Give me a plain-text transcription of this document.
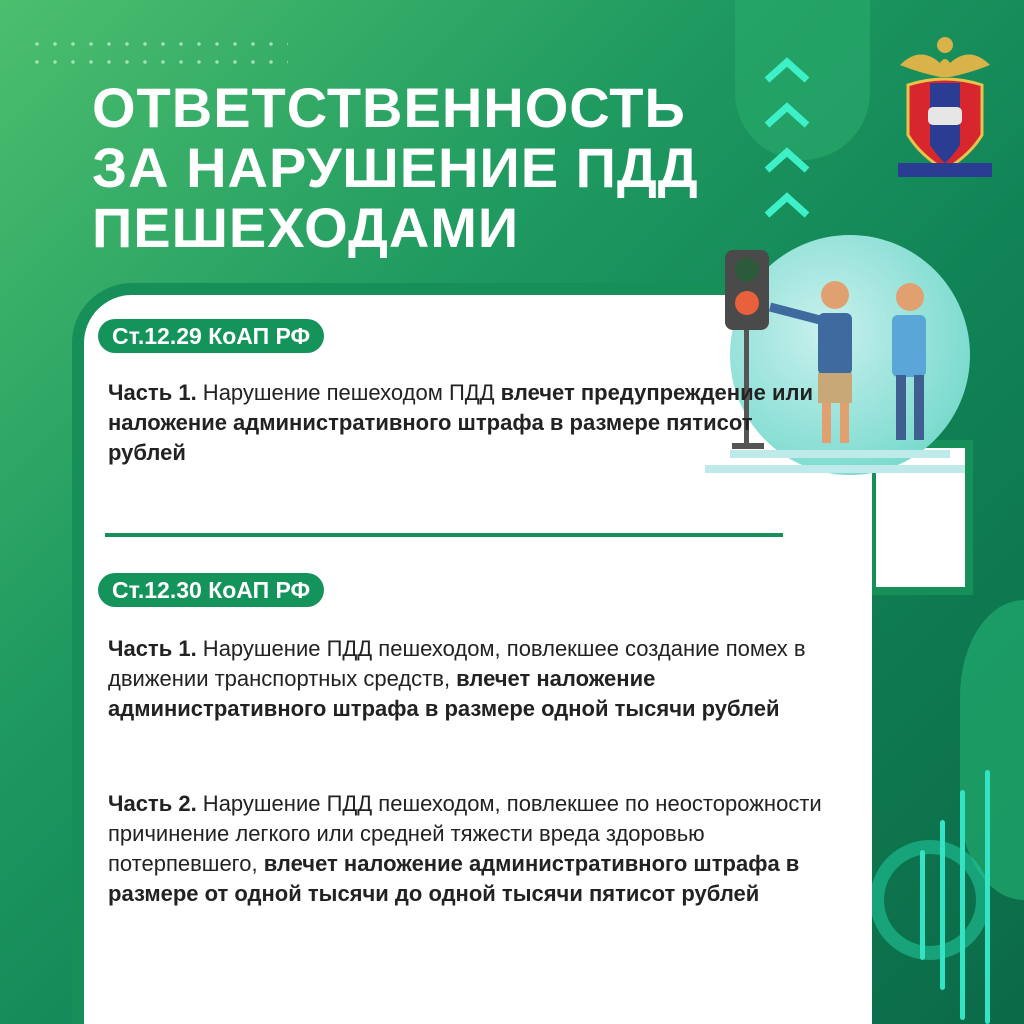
ОТВЕТСТВЕННОСТЬ
ЗА НАРУШЕНИЕ ПДД
ПЕШЕХОДАМИ
Ст.12.29 КоАП РФ
Часть 1. Нарушение пешеходом ПДД влечет предупреждение или наложение административного штрафа в размере пятисот рублей
Ст.12.30 КоАП РФ
Часть 1. Нарушение ПДД пешеходом, повлекшее создание помех в движении транспортных средств, влечет наложение административного штрафа в размере одной тысячи рублей
Часть 2. Нарушение ПДД пешеходом, повлекшее по неосторожности причинение легкого или средней тяжести вреда здоровью потерпевшего, влечет наложение административного штрафа в размере от одной тысячи до одной тысячи пятисот рублей
